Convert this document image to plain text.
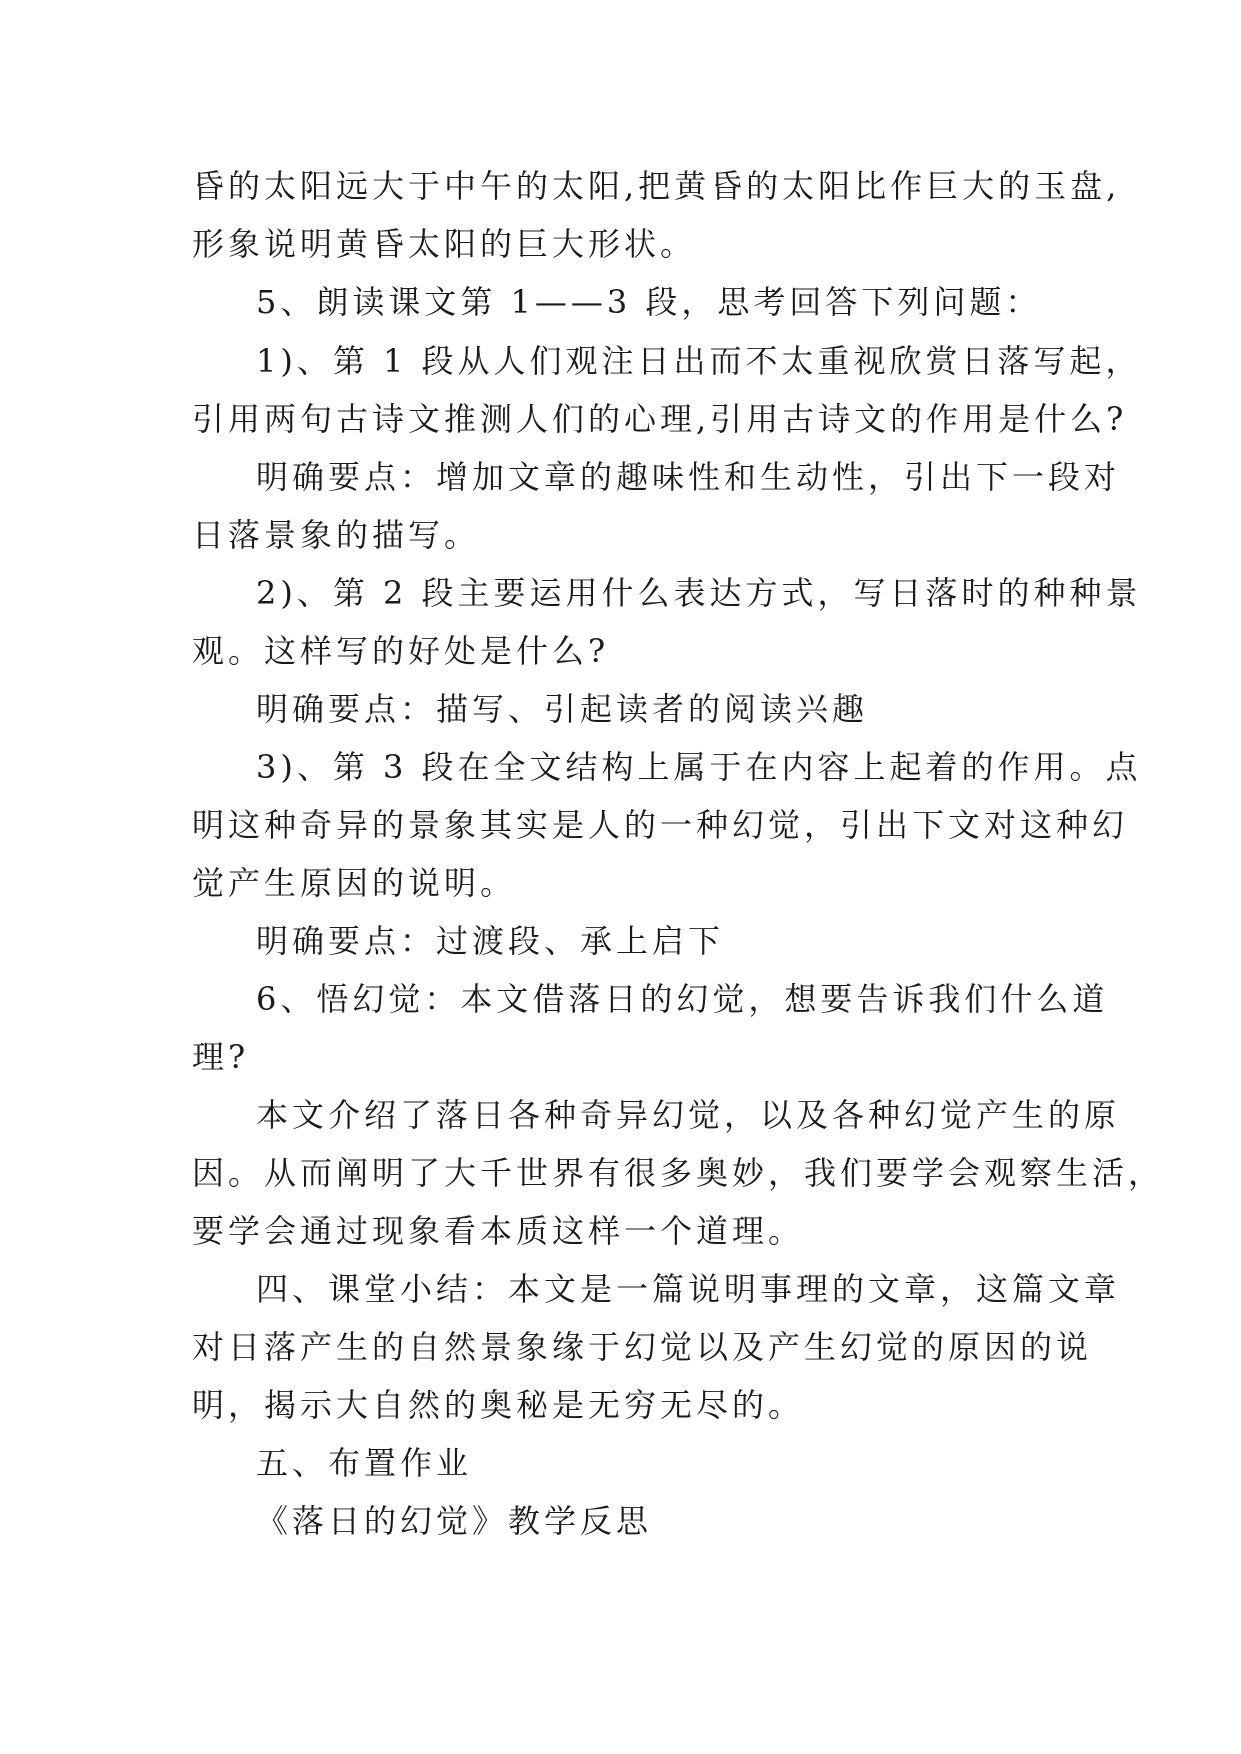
昏的太阳远大于中午的太阳,把黄昏的太阳比作巨大的玉盘,
形象说明黄昏太阳的巨大形状。
5、朗读课文第 1——3 段，思考回答下列问题：
1)、第 1 段从人们观注日出而不太重视欣赏日落写起，
引用两句古诗文推测人们的心理,引用古诗文的作用是什么?
明确要点：增加文章的趣味性和生动性，引出下一段对
日落景象的描写。
2)、第 2 段主要运用什么表达方式，写日落时的种种景
观。这样写的好处是什么?
明确要点：描写、引起读者的阅读兴趣
3)、第 3 段在全文结构上属于在内容上起着的作用。点
明这种奇异的景象其实是人的一种幻觉，引出下文对这种幻
觉产生原因的说明。
明确要点：过渡段、承上启下
6、悟幻觉：本文借落日的幻觉，想要告诉我们什么道
理?
本文介绍了落日各种奇异幻觉，以及各种幻觉产生的原
因。从而阐明了大千世界有很多奥妙，我们要学会观察生活，
要学会通过现象看本质这样一个道理。
四、课堂小结：本文是一篇说明事理的文章，这篇文章
对日落产生的自然景象缘于幻觉以及产生幻觉的原因的说
明，揭示大自然的奥秘是无穷无尽的。
五、布置作业
《落日的幻觉》教学反思
